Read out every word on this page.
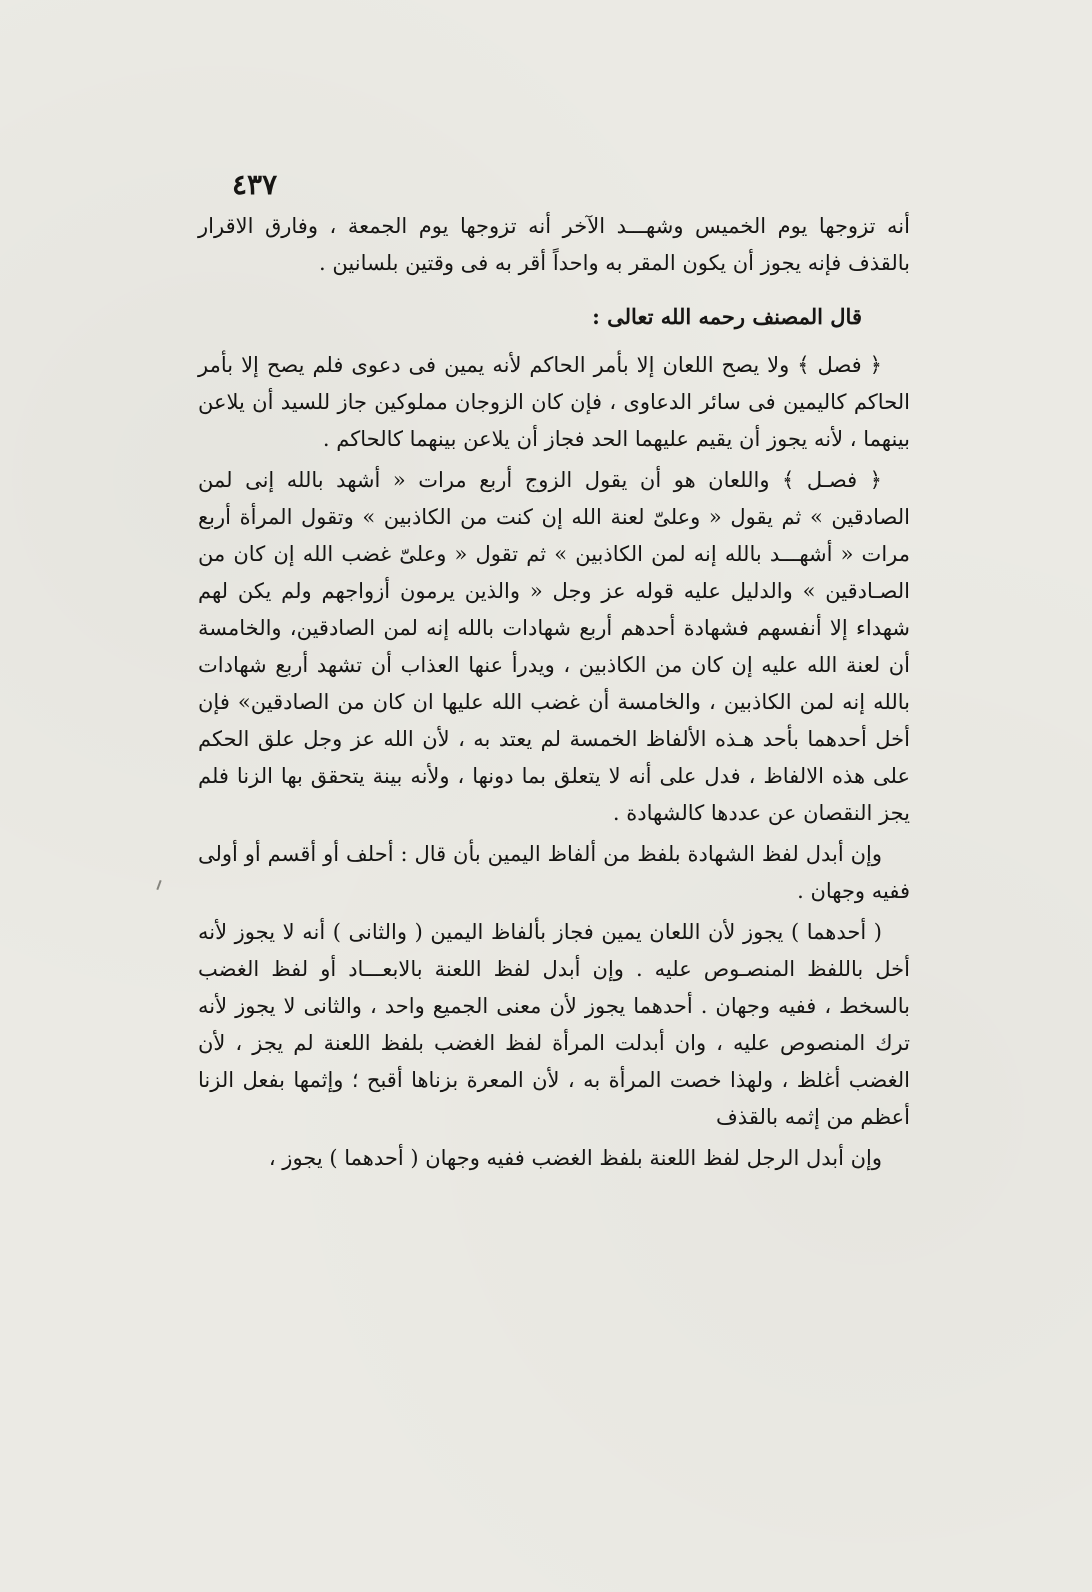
٤٣٧

أنه تزوجها يوم الخميس وشهـــد الآخر أنه تزوجها يوم الجمعة ، وفارق الاقرار بالقذف فإنه يجوز أن يكون المقر به واحداً أقر به فى وقتين بلسانين .

قال المصنف رحمه الله تعالى :

﴿ فصل ﴾ ولا يصح اللعان إلا بأمر الحاكم لأنه يمين فى دعوى فلم يصح إلا بأمر الحاكم كاليمين فى سائر الدعاوى ، فإن كان الزوجان مملوكين جاز للسيد أن يلاعن بينهما ، لأنه يجوز أن يقيم عليهما الحد فجاز أن يلاعن بينهما كالحاكم .

﴿ فصـل ﴾ واللعان هو أن يقول الزوج أربع مرات « أشهد بالله إنى لمن الصادقين » ثم يقول « وعلىّ لعنة الله إن كنت من الكاذبين » وتقول المرأة أربع مرات « أشهـــد بالله إنه لمن الكاذبين » ثم تقول « وعلىّ غضب الله إن كان من الصـادقين » والدليل عليه قوله عز وجل « والذين يرمون أزواجهم ولم يكن لهم شهداء إلا أنفسهم فشهادة أحدهم أربع شهادات بالله إنه لمن الصادقين، والخامسة أن لعنة الله عليه إن كان من الكاذبين ، ويدرأ عنها العذاب أن تشهد أربع شهادات بالله إنه لمن الكاذبين ، والخامسة أن غضب الله عليها ان كان من الصادقين» فإن أخل أحدهما بأحد هـذه الألفاظ الخمسة لم يعتد به ، لأن الله عز وجل علق الحكم على هذه الالفاظ ، فدل على أنه لا يتعلق بما دونها ، ولأنه بينة يتحقق بها الزنا فلم يجز النقصان عن عددها كالشهادة .

وإن أبدل لفظ الشهادة بلفظ من ألفاظ اليمين بأن قال : أحلف أو أقسم أو أولى ففيه وجهان .

( أحدهما ) يجوز لأن اللعان يمين فجاز بألفاظ اليمين ( والثانى ) أنه لا يجوز لأنه أخل باللفظ المنصـوص عليه . وإن أبدل لفظ اللعنة بالابعـــاد أو لفظ الغضب بالسخط ، ففيه وجهان . أحدهما يجوز لأن معنى الجميع واحد ، والثانى لا يجوز لأنه ترك المنصوص عليه ، وان أبدلت المرأة لفظ الغضب بلفظ اللعنة لم يجز ، لأن الغضب أغلظ ، ولهذا خصت المرأة به ، لأن المعرة بزناها أقبح ؛ وإثمها بفعل الزنا أعظم من إثمه بالقذف

وإن أبدل الرجل لفظ اللعنة بلفظ الغضب ففيه وجهان ( أحدهما ) يجوز ،
